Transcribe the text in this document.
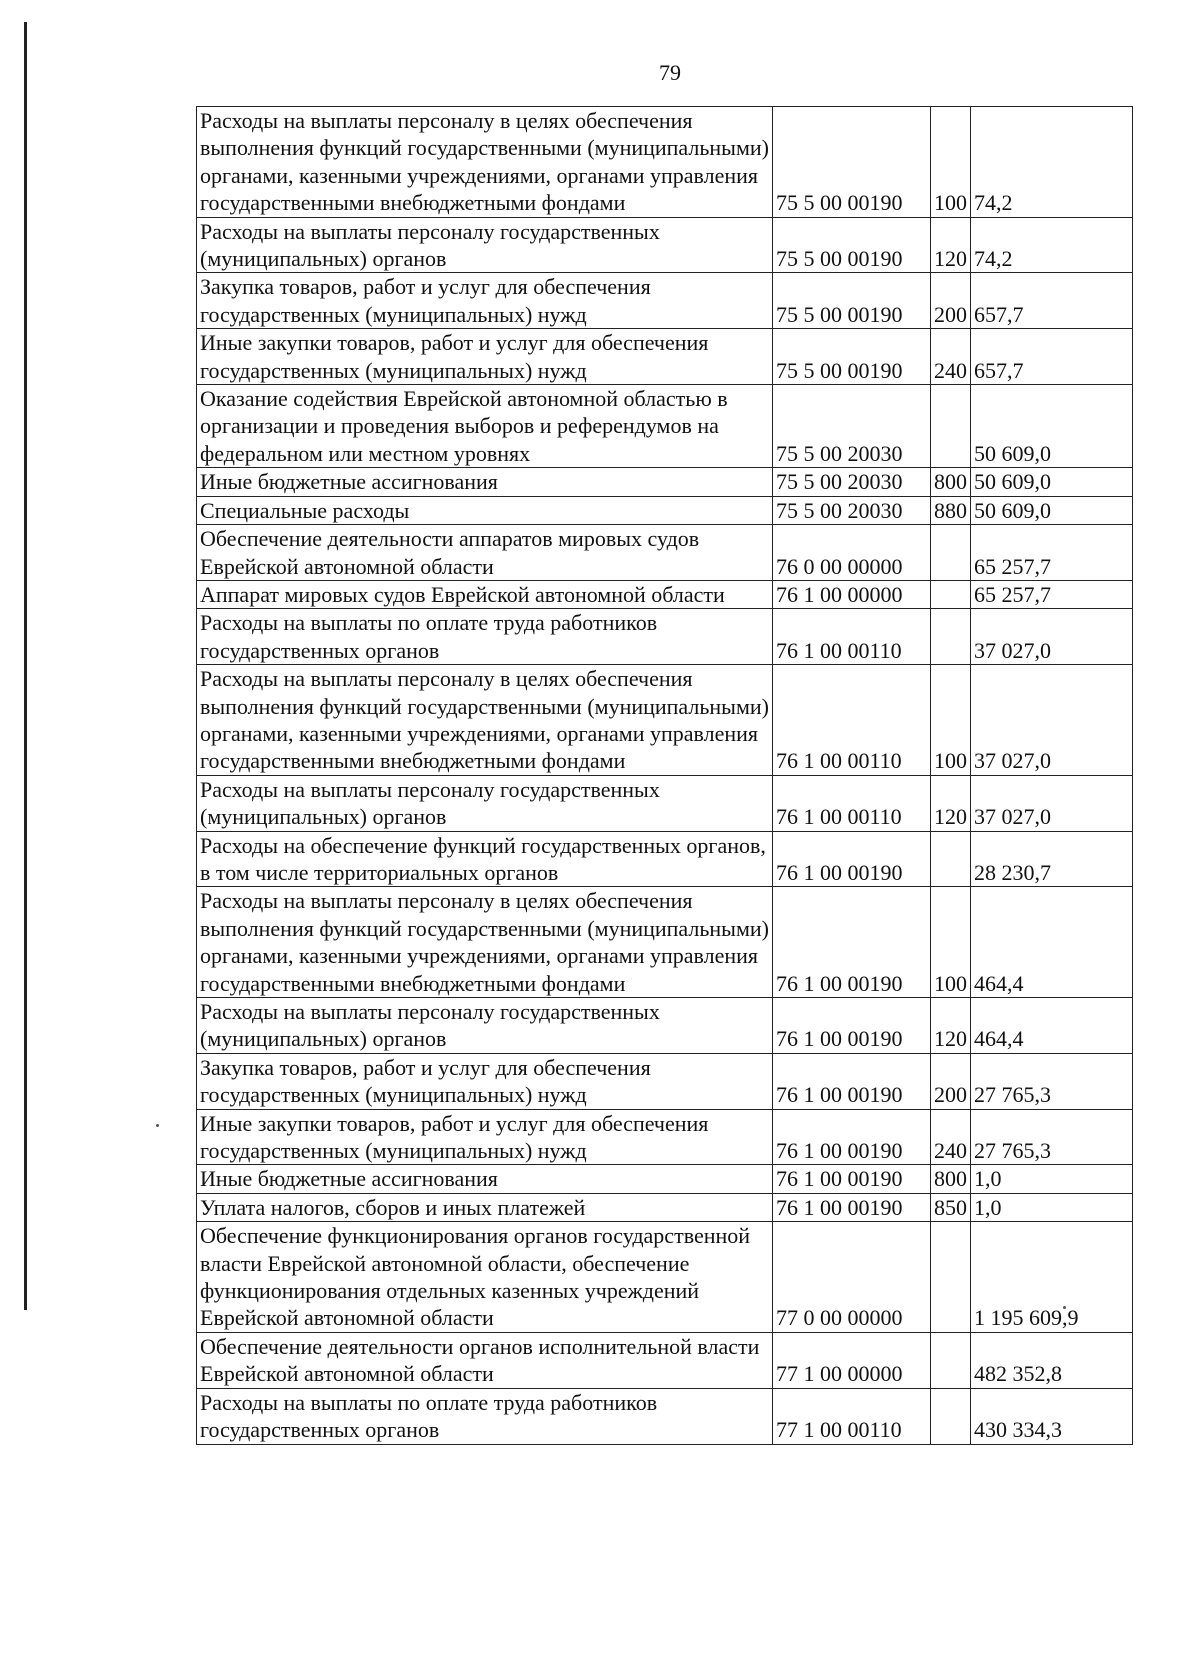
79
Расходы на выплаты персоналу в целях обеспечения выполнения функций государственными (муниципальными) органами, казенными учреждениями, органами управления государственными внебюджетными фондами	75 5 00 00190	100	74,2
Расходы на выплаты персоналу государственных (муниципальных) органов	75 5 00 00190	120	74,2
Закупка товаров, работ и услуг для обеспечения государственных (муниципальных) нужд	75 5 00 00190	200	657,7
Иные закупки товаров, работ и услуг для обеспечения государственных (муниципальных) нужд	75 5 00 00190	240	657,7
Оказание содействия Еврейской автономной областью в организации и проведения выборов и референдумов на федеральном или местном уровнях	75 5 00 20030		50 609,0
Иные бюджетные ассигнования	75 5 00 20030	800	50 609,0
Специальные расходы	75 5 00 20030	880	50 609,0
Обеспечение деятельности аппаратов мировых судов Еврейской автономной области	76 0 00 00000		65 257,7
Аппарат мировых судов Еврейской автономной области	76 1 00 00000		65 257,7
Расходы на выплаты по оплате труда работников государственных органов	76 1 00 00110		37 027,0
Расходы на выплаты персоналу в целях обеспечения выполнения функций государственными (муниципальными) органами, казенными учреждениями, органами управления государственными внебюджетными фондами	76 1 00 00110	100	37 027,0
Расходы на выплаты персоналу государственных (муниципальных) органов	76 1 00 00110	120	37 027,0
Расходы на обеспечение функций государственных органов, в том числе территориальных органов	76 1 00 00190		28 230,7
Расходы на выплаты персоналу в целях обеспечения выполнения функций государственными (муниципальными) органами, казенными учреждениями, органами управления государственными внебюджетными фондами	76 1 00 00190	100	464,4
Расходы на выплаты персоналу государственных (муниципальных) органов	76 1 00 00190	120	464,4
Закупка товаров, работ и услуг для обеспечения государственных (муниципальных) нужд	76 1 00 00190	200	27 765,3
Иные закупки товаров, работ и услуг для обеспечения государственных (муниципальных) нужд	76 1 00 00190	240	27 765,3
Иные бюджетные ассигнования	76 1 00 00190	800	1,0
Уплата налогов, сборов и иных платежей	76 1 00 00190	850	1,0
Обеспечение функционирования органов государственной власти Еврейской автономной области, обеспечение функционирования отдельных казенных учреждений Еврейской автономной области	77 0 00 00000		1 195 609,9
Обеспечение деятельности органов исполнительной власти Еврейской автономной области	77 1 00 00000		482 352,8
Расходы на выплаты по оплате труда работников государственных органов	77 1 00 00110		430 334,3
